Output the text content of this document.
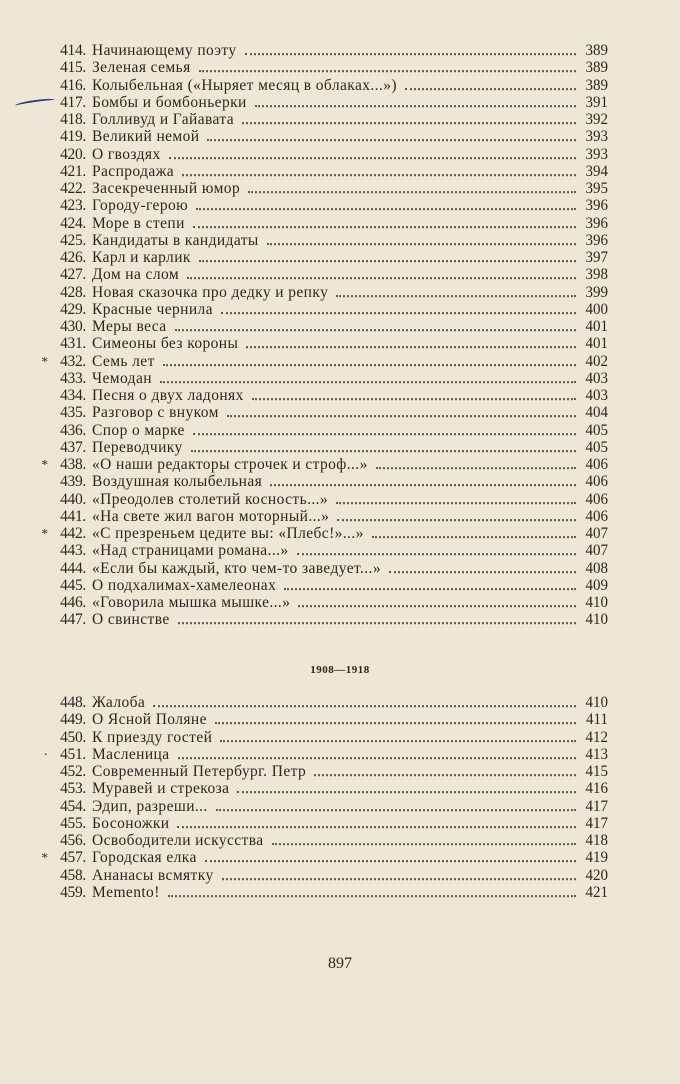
414. Начинающему поэту	389
415. Зеленая семья	389
416. Колыбельная («Ныряет месяц в облаках...»)	389
417. Бомбы и бомбоньерки	391
418. Голливуд и Гайавата	392
419. Великий немой	393
420. О гвоздях	393
421. Распродажа	394
422. Засекреченный юмор	395
423. Городу-герою	396
424. Море в степи	396
425. Кандидаты в кандидаты	396
426. Карл и карлик	397
427. Дом на слом	398
428. Новая сказочка про дедку и репку	399
429. Красные чернила	400
430. Меры веса	401
431. Симеоны без короны	401
* 432. Семь лет	402
433. Чемодан	403
434. Песня о двух ладонях	403
435. Разговор с внуком	404
436. Спор о марке	405
437. Переводчику	405
* 438. «О наши редакторы строчек и строф...»	406
439. Воздушная колыбельная	406
440. «Преодолев столетий косность...»	406
441. «На свете жил вагон моторный...»	406
* 442. «С презреньем цедите вы: «Плебс!»...»	407
443. «Над страницами романа...»	407
444. «Если бы каждый, кто чем-то заведует...»	408
445. О подхалимах-хамелеонах	409
446. «Говорила мышка мышке...»	410
447. О свинстве	410
1908—1918
448. Жалоба	410
449. О Ясной Поляне	411
450. К приезду гостей	412
· 451. Масленица	413
452. Современный Петербург. Петр	415
453. Муравей и стрекоза	416
454. Эдип, разреши...	417
455. Босоножки	417
456. Освободители искусства	418
* 457. Городская елка	419
458. Ананасы всмятку	420
459. Memento!	421
897
